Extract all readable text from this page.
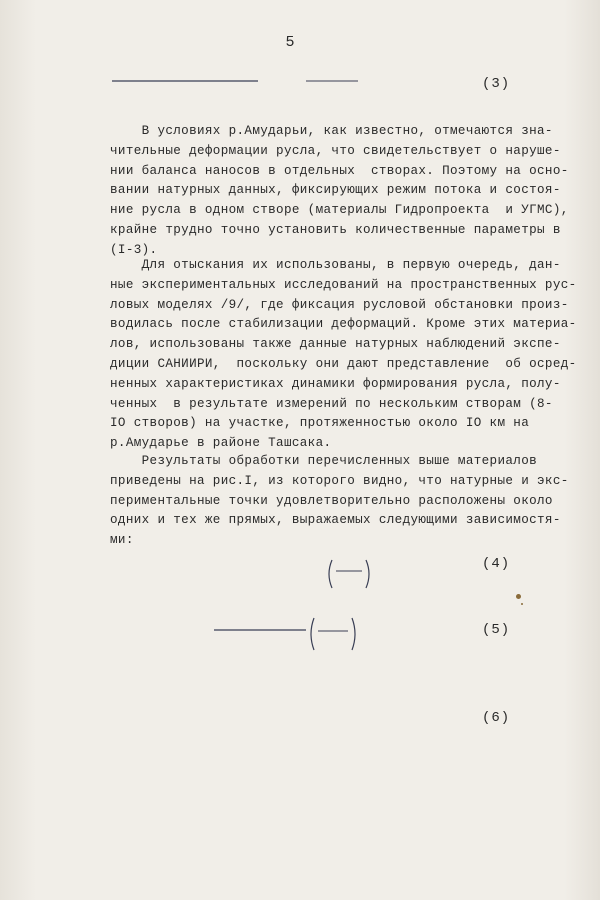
5
V
√gαd′(1+3ρ²⁄³)⁰·²⁵
= A₃[
Q
α²√gαi
(i/α)
2,5
]
x₃
. (3)
В условиях р.Амударьи, как известно, отмечаются зна-
чительные деформации русла, что свидетельствует о наруше-
нии баланса наносов в отдельных  створах. Поэтому на осно-
вании натурных данных, фиксирующих режим потока и состоя-
ние русла в одном створе (материалы Гидропроекта  и УГМС),
крайне трудно точно установить количественные параметры в
(I-3).
Для отыскания их использованы, в первую очередь, дан-
ные экспериментальных исследований на пространственных рус-
ловых моделях /9/, где фиксация русловой обстановки произ-
водилась после стабилизации деформаций. Кроме этих материа-
лов, использованы также данные натурных наблюдений экспе-
диции САНИИРИ,  поскольку они дают представление  об осред-
ненных характеристиках динамики формирования русла, полу-
ченных  в результате измерений по нескольким створам (8-
IO створов) на участке, протяженностью около IO км на
р.Амударье в районе Ташсака.
Результаты обработки перечисленных выше материалов
приведены на рис.I, из которого видно, что натурные и экс-
периментальные точки удовлетворительно расположены около
одних и тех же прямых, выражаемых следующими зависимостя-
ми:
B = 3,0(1+3ρ
2/3
)
0,5 Q
√gi
0,4
,
(4)
h =
0,15
(1+3ρ²⁄³)⁰·⁷⁵
Q
√gi
0,4
,	(5)
V = 2,25(1+3ρ
2/3
)
0,25
Q
0,2
(gi)
0,4
.	(6)
